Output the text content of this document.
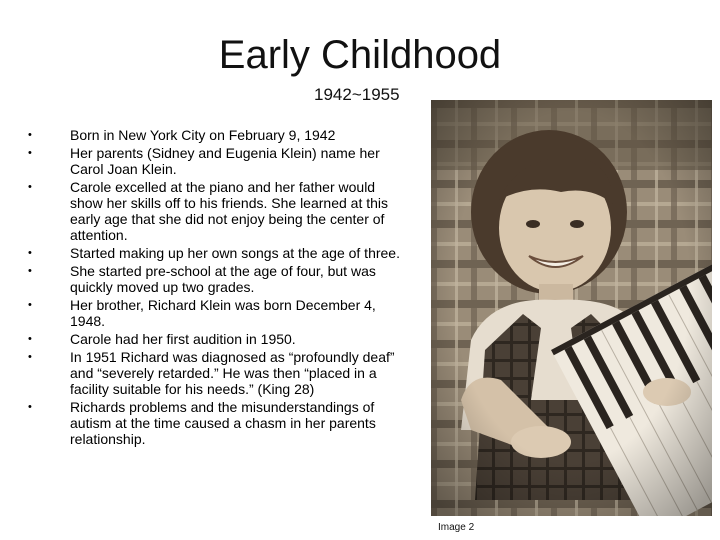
Early Childhood
1942~1955
•	Born in New York City on February 9, 1942
•	Her parents (Sidney and Eugenia Klein) name her Carol Joan Klein.
•	Carole excelled at the piano and her father would show her skills off to his friends. She learned at this early age that she did not enjoy being the center of attention.
•	Started making up her own songs at the age of three.
•	She started pre-school at the age of four, but was quickly moved up two grades.
•	Her brother, Richard Klein was born December 4, 1948.
•	Carole had her first audition in 1950.
•	In 1951 Richard was diagnosed as “profoundly deaf” and “severely retarded.” He was then “placed in a facility suitable for his needs.” (King 28)
•	Richards problems and the misunderstandings of autism at the time caused a chasm in her parents relationship.
Image 2
